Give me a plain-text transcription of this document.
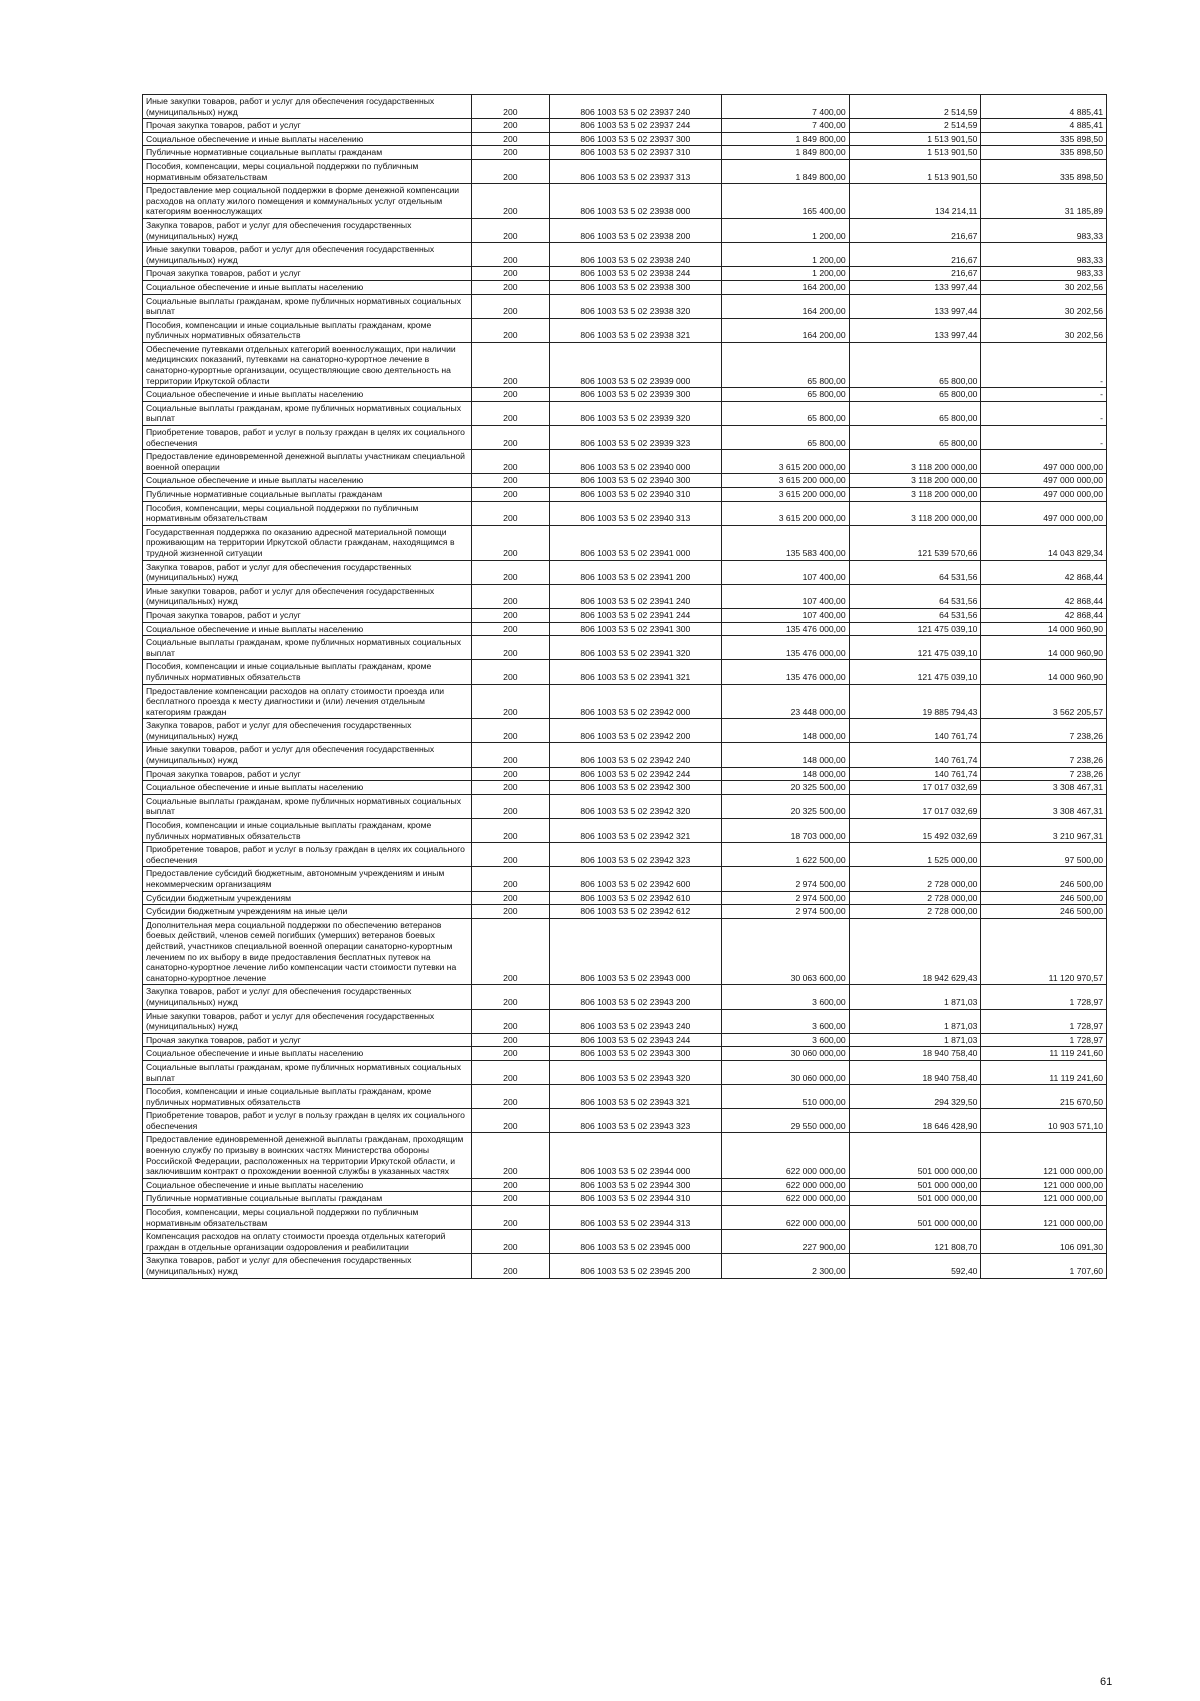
Иные закупки товаров, работ и услуг для обеспечения государственных (муниципальных) нужд	200	806 1003 53 5 02 23937 240	7 400,00	2 514,59	4 885,41
Прочая закупка товаров, работ и услуг	200	806 1003 53 5 02 23937 244	7 400,00	2 514,59	4 885,41
Социальное обеспечение и иные выплаты населению	200	806 1003 53 5 02 23937 300	1 849 800,00	1 513 901,50	335 898,50
Публичные нормативные социальные выплаты гражданам	200	806 1003 53 5 02 23937 310	1 849 800,00	1 513 901,50	335 898,50
Пособия, компенсации, меры социальной поддержки по публичным нормативным обязательствам	200	806 1003 53 5 02 23937 313	1 849 800,00	1 513 901,50	335 898,50
Предоставление мер социальной поддержки в форме денежной компенсации расходов на оплату жилого помещения и коммунальных услуг отдельным категориям военнослужащих	200	806 1003 53 5 02 23938 000	165 400,00	134 214,11	31 185,89
Закупка товаров, работ и услуг для обеспечения государственных (муниципальных) нужд	200	806 1003 53 5 02 23938 200	1 200,00	216,67	983,33
Иные закупки товаров, работ и услуг для обеспечения государственных (муниципальных) нужд	200	806 1003 53 5 02 23938 240	1 200,00	216,67	983,33
Прочая закупка товаров, работ и услуг	200	806 1003 53 5 02 23938 244	1 200,00	216,67	983,33
Социальное обеспечение и иные выплаты населению	200	806 1003 53 5 02 23938 300	164 200,00	133 997,44	30 202,56
Социальные выплаты гражданам, кроме публичных нормативных социальных выплат	200	806 1003 53 5 02 23938 320	164 200,00	133 997,44	30 202,56
Пособия, компенсации и иные социальные выплаты гражданам, кроме публичных нормативных обязательств	200	806 1003 53 5 02 23938 321	164 200,00	133 997,44	30 202,56
Обеспечение путевками отдельных категорий военнослужащих, при наличии медицинских показаний, путевками на санаторно-курортное лечение в санаторно-курортные организации, осуществляющие свою деятельность на территории Иркутской области	200	806 1003 53 5 02 23939 000	65 800,00	65 800,00	-
Социальное обеспечение и иные выплаты населению	200	806 1003 53 5 02 23939 300	65 800,00	65 800,00	-
Социальные выплаты гражданам, кроме публичных нормативных социальных выплат	200	806 1003 53 5 02 23939 320	65 800,00	65 800,00	-
Приобретение товаров, работ и услуг в пользу граждан в целях их социального обеспечения	200	806 1003 53 5 02 23939 323	65 800,00	65 800,00	-
Предоставление единовременной денежной выплаты участникам специальной военной операции	200	806 1003 53 5 02 23940 000	3 615 200 000,00	3 118 200 000,00	497 000 000,00
Социальное обеспечение и иные выплаты населению	200	806 1003 53 5 02 23940 300	3 615 200 000,00	3 118 200 000,00	497 000 000,00
Публичные нормативные социальные выплаты гражданам	200	806 1003 53 5 02 23940 310	3 615 200 000,00	3 118 200 000,00	497 000 000,00
Пособия, компенсации, меры социальной поддержки по публичным нормативным обязательствам	200	806 1003 53 5 02 23940 313	3 615 200 000,00	3 118 200 000,00	497 000 000,00
Государственная поддержка по оказанию адресной материальной помощи проживающим на территории Иркутской области гражданам, находящимся в трудной жизненной ситуации	200	806 1003 53 5 02 23941 000	135 583 400,00	121 539 570,66	14 043 829,34
Закупка товаров, работ и услуг для обеспечения государственных (муниципальных) нужд	200	806 1003 53 5 02 23941 200	107 400,00	64 531,56	42 868,44
Иные закупки товаров, работ и услуг для обеспечения государственных (муниципальных) нужд	200	806 1003 53 5 02 23941 240	107 400,00	64 531,56	42 868,44
Прочая закупка товаров, работ и услуг	200	806 1003 53 5 02 23941 244	107 400,00	64 531,56	42 868,44
Социальное обеспечение и иные выплаты населению	200	806 1003 53 5 02 23941 300	135 476 000,00	121 475 039,10	14 000 960,90
Социальные выплаты гражданам, кроме публичных нормативных социальных выплат	200	806 1003 53 5 02 23941 320	135 476 000,00	121 475 039,10	14 000 960,90
Пособия, компенсации и иные социальные выплаты гражданам, кроме публичных нормативных обязательств	200	806 1003 53 5 02 23941 321	135 476 000,00	121 475 039,10	14 000 960,90
Предоставление компенсации расходов на оплату стоимости проезда или бесплатного проезда к месту диагностики и (или) лечения отдельным категориям граждан	200	806 1003 53 5 02 23942 000	23 448 000,00	19 885 794,43	3 562 205,57
Закупка товаров, работ и услуг для обеспечения государственных (муниципальных) нужд	200	806 1003 53 5 02 23942 200	148 000,00	140 761,74	7 238,26
Иные закупки товаров, работ и услуг для обеспечения государственных (муниципальных) нужд	200	806 1003 53 5 02 23942 240	148 000,00	140 761,74	7 238,26
Прочая закупка товаров, работ и услуг	200	806 1003 53 5 02 23942 244	148 000,00	140 761,74	7 238,26
Социальное обеспечение и иные выплаты населению	200	806 1003 53 5 02 23942 300	20 325 500,00	17 017 032,69	3 308 467,31
Социальные выплаты гражданам, кроме публичных нормативных социальных выплат	200	806 1003 53 5 02 23942 320	20 325 500,00	17 017 032,69	3 308 467,31
Пособия, компенсации и иные социальные выплаты гражданам, кроме публичных нормативных обязательств	200	806 1003 53 5 02 23942 321	18 703 000,00	15 492 032,69	3 210 967,31
Приобретение товаров, работ и услуг в пользу граждан в целях их социального обеспечения	200	806 1003 53 5 02 23942 323	1 622 500,00	1 525 000,00	97 500,00
Предоставление субсидий бюджетным, автономным учреждениям и иным некоммерческим организациям	200	806 1003 53 5 02 23942 600	2 974 500,00	2 728 000,00	246 500,00
Субсидии бюджетным учреждениям	200	806 1003 53 5 02 23942 610	2 974 500,00	2 728 000,00	246 500,00
Субсидии бюджетным учреждениям на иные цели	200	806 1003 53 5 02 23942 612	2 974 500,00	2 728 000,00	246 500,00
Дополнительная мера социальной поддержки по обеспечению ветеранов боевых действий, членов семей погибших (умерших) ветеранов боевых действий, участников специальной военной операции санаторно-курортным лечением по их выбору в виде предоставления бесплатных путевок на санаторно-курортное лечение либо компенсации части стоимости путевки на санаторно-курортное лечение	200	806 1003 53 5 02 23943 000	30 063 600,00	18 942 629,43	11 120 970,57
Закупка товаров, работ и услуг для обеспечения государственных (муниципальных) нужд	200	806 1003 53 5 02 23943 200	3 600,00	1 871,03	1 728,97
Иные закупки товаров, работ и услуг для обеспечения государственных (муниципальных) нужд	200	806 1003 53 5 02 23943 240	3 600,00	1 871,03	1 728,97
Прочая закупка товаров, работ и услуг	200	806 1003 53 5 02 23943 244	3 600,00	1 871,03	1 728,97
Социальное обеспечение и иные выплаты населению	200	806 1003 53 5 02 23943 300	30 060 000,00	18 940 758,40	11 119 241,60
Социальные выплаты гражданам, кроме публичных нормативных социальных выплат	200	806 1003 53 5 02 23943 320	30 060 000,00	18 940 758,40	11 119 241,60
Пособия, компенсации и иные социальные выплаты гражданам, кроме публичных нормативных обязательств	200	806 1003 53 5 02 23943 321	510 000,00	294 329,50	215 670,50
Приобретение товаров, работ и услуг в пользу граждан в целях их социального обеспечения	200	806 1003 53 5 02 23943 323	29 550 000,00	18 646 428,90	10 903 571,10
Предоставление единовременной денежной выплаты гражданам, проходящим военную службу по призыву в воинских частях Министерства обороны Российской Федерации, расположенных на территории Иркутской области, и заключившим контракт о прохождении военной службы в указанных частях	200	806 1003 53 5 02 23944 000	622 000 000,00	501 000 000,00	121 000 000,00
Социальное обеспечение и иные выплаты населению	200	806 1003 53 5 02 23944 300	622 000 000,00	501 000 000,00	121 000 000,00
Публичные нормативные социальные выплаты гражданам	200	806 1003 53 5 02 23944 310	622 000 000,00	501 000 000,00	121 000 000,00
Пособия, компенсации, меры социальной поддержки по публичным нормативным обязательствам	200	806 1003 53 5 02 23944 313	622 000 000,00	501 000 000,00	121 000 000,00
Компенсация расходов на оплату стоимости проезда отдельных категорий граждан в отдельные организации оздоровления и реабилитации	200	806 1003 53 5 02 23945 000	227 900,00	121 808,70	106 091,30
Закупка товаров, работ и услуг для обеспечения государственных (муниципальных) нужд	200	806 1003 53 5 02 23945 200	2 300,00	592,40	1 707,60
61
